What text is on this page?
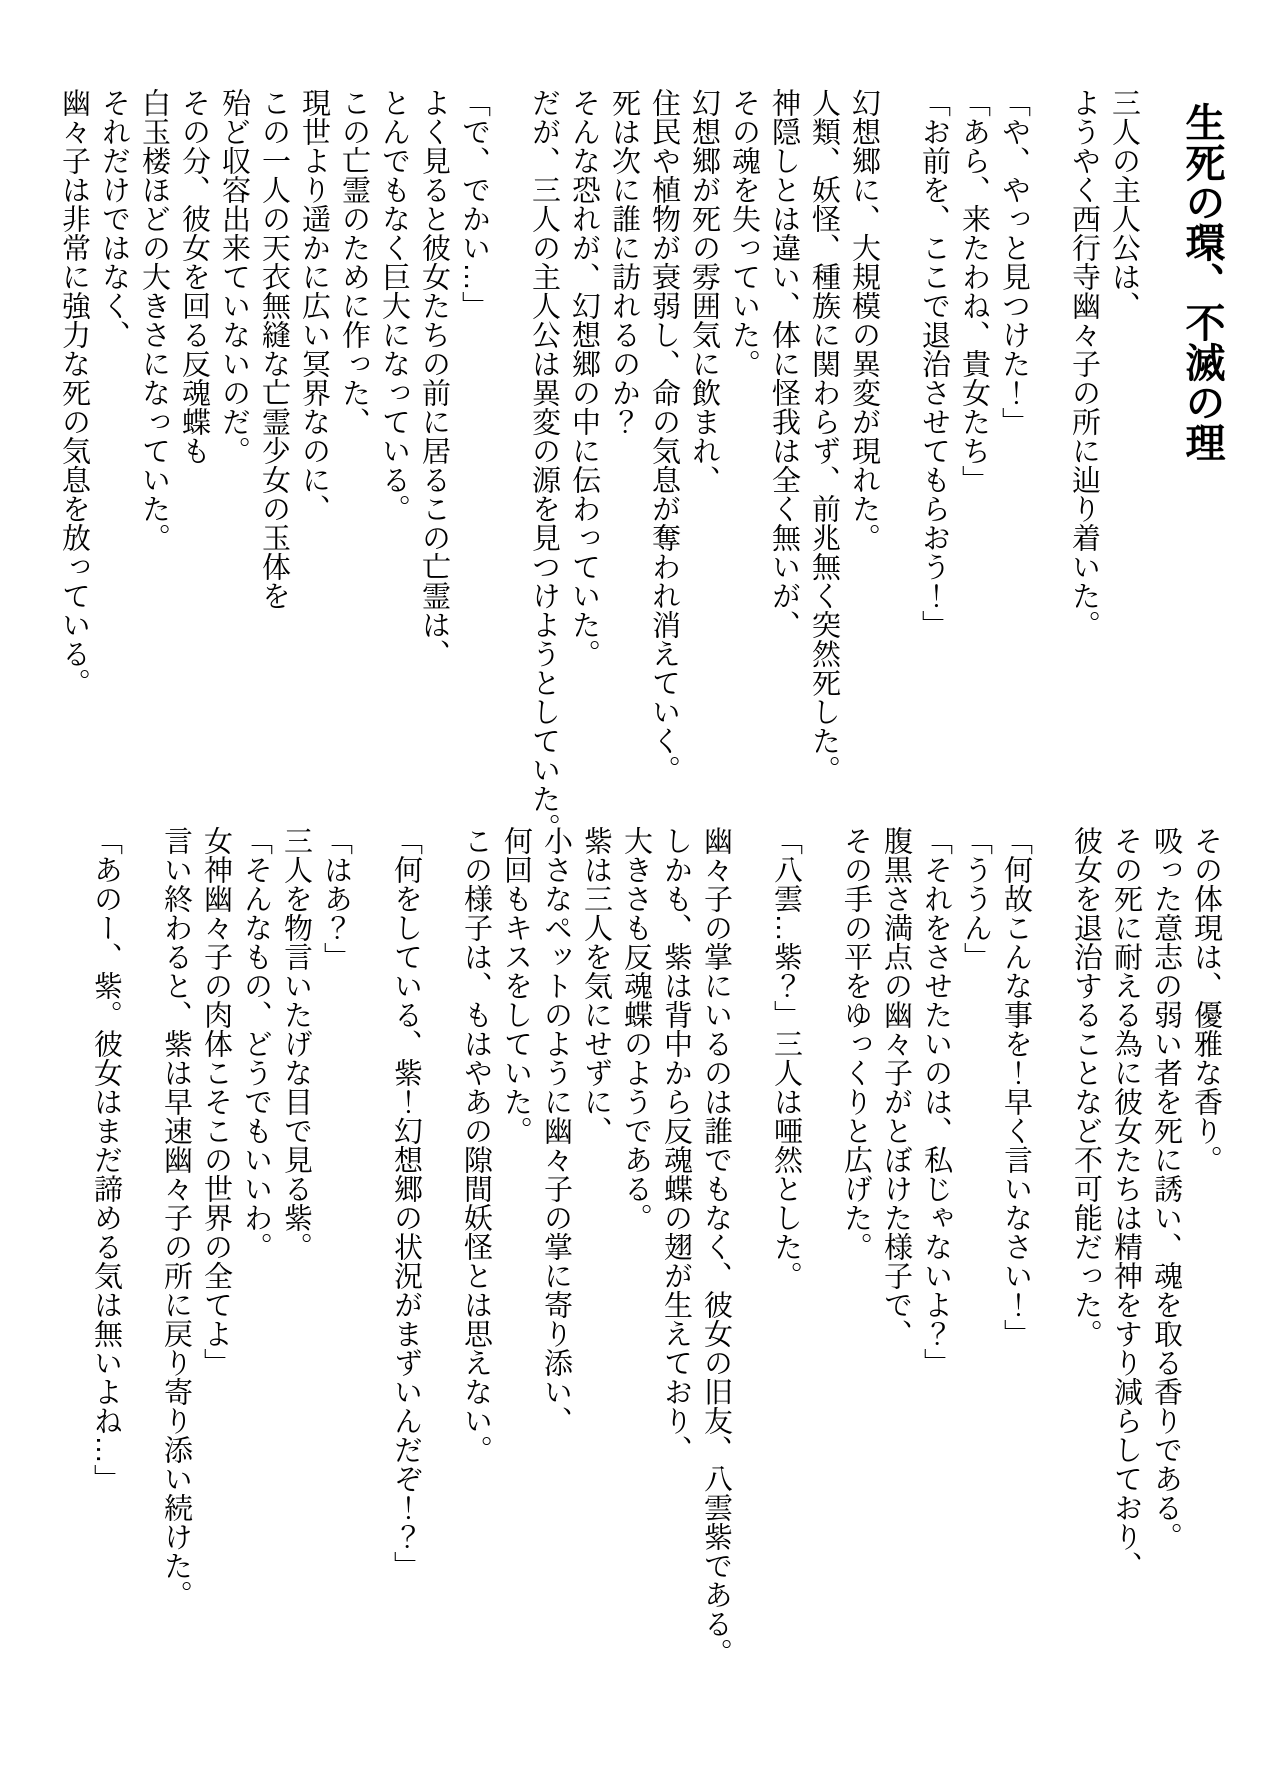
生死の環、不滅の理

三人の主人公は、

ようやく西行寺幽々子の所に辿り着いた。

「や、やっと見つけた！」

「あら、来たわね、貴女たち」

「お前を、ここで退治させてもらおう！」

幻想郷に、大規模の異変が現れた。

人類、妖怪、種族に関わらず、前兆無く突然死した。

神隠しとは違い、体に怪我は全く無いが、

その魂を失っていた。

幻想郷が死の雰囲気に飲まれ、

住民や植物が衰弱し、命の気息が奪われ消えていく。

死は次に誰に訪れるのか？

そんな恐れが、幻想郷の中に伝わっていた。

だが、三人の主人公は異変の源を見つけようとしていた。

「で、でかい…」

よく見ると彼女たちの前に居るこの亡霊は、

とんでもなく巨大になっている。

この亡霊のために作った、

現世より遥かに広い冥界なのに、

この一人の天衣無縫な亡霊少女の玉体を

殆ど収容出来ていないのだ。

その分、彼女を回る反魂蝶も

白玉楼ほどの大きさになっていた。

それだけではなく、

幽々子は非常に強力な死の気息を放っている。

その体現は、優雅な香り。

吸った意志の弱い者を死に誘い、魂を取る香りである。

その死に耐える為に彼女たちは精神をすり減らしており、

彼女を退治することなど不可能だった。

「何故こんな事を！早く言いなさい！」

「ううん」

「それをさせたいのは、私じゃないよ？」

腹黒さ満点の幽々子がとぼけた様子で、

その手の平をゆっくりと広げた。

「八雲…紫？」三人は唖然とした。

幽々子の掌にいるのは誰でもなく、彼女の旧友、八雲紫である。

しかも、紫は背中から反魂蝶の翅が生えており、

大きさも反魂蝶のようである。

紫は三人を気にせずに、

小さなペットのように幽々子の掌に寄り添い、

何回もキスをしていた。

この様子は、もはやあの隙間妖怪とは思えない。

「何をしている、紫！幻想郷の状況がまずいんだぞ！？」

「はあ？」

三人を物言いたげな目で見る紫。

「そんなもの、どうでもいいわ。

女神幽々子の肉体こそこの世界の全てよ」

言い終わると、紫は早速幽々子の所に戻り寄り添い続けた。

「あのー、紫。彼女はまだ諦める気は無いよね…」
